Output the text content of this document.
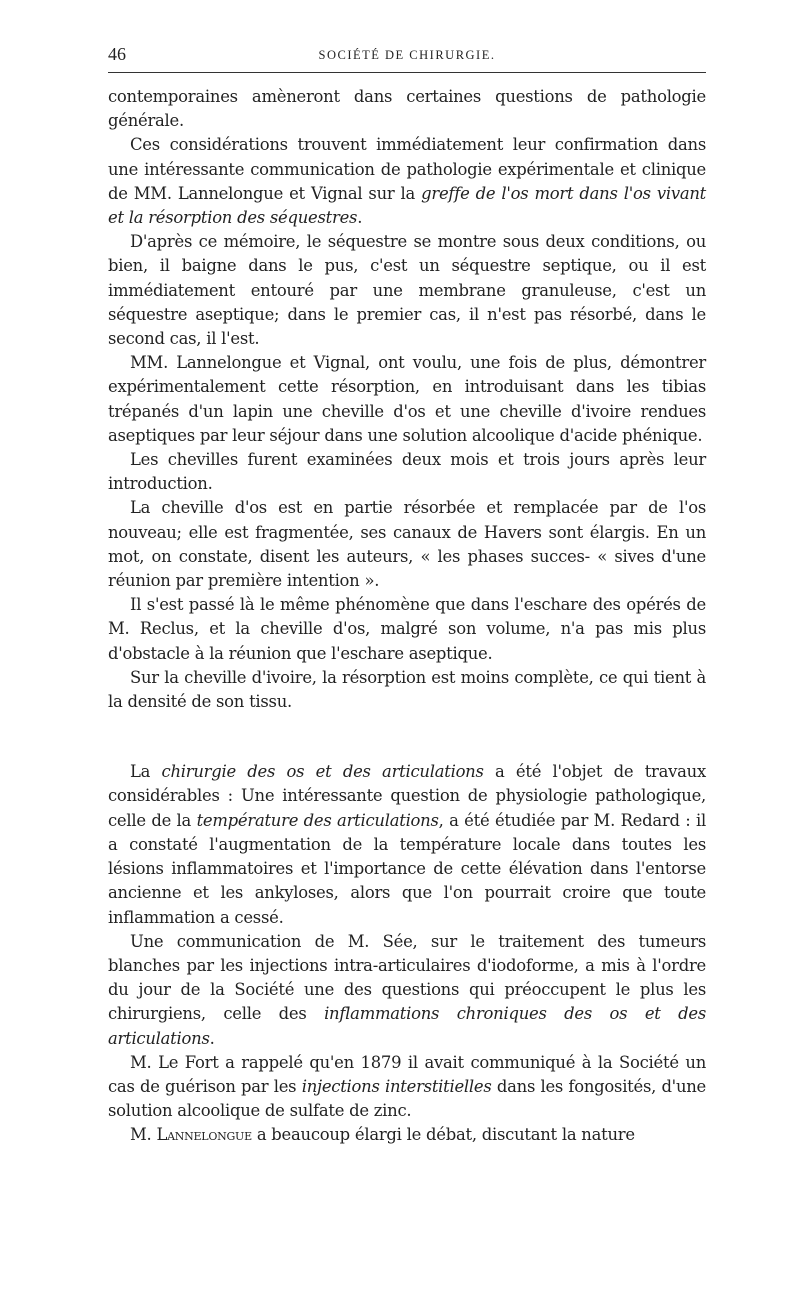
46	SOCIÉTÉ DE CHIRURGIE.

contemporaines amèneront dans certaines questions de pathologie générale.

Ces considérations trouvent immédiatement leur confirmation dans une intéressante communication de pathologie expérimentale et clinique de MM. Lannelongue et Vignal sur la greffe de l'os mort dans l'os vivant et la résorption des séquestres.

D'après ce mémoire, le séquestre se montre sous deux conditions, ou bien, il baigne dans le pus, c'est un séquestre septique, ou il est immédiatement entouré par une membrane granuleuse, c'est un séquestre aseptique; dans le premier cas, il n'est pas résorbé, dans le second cas, il l'est.

MM. Lannelongue et Vignal, ont voulu, une fois de plus, démontrer expérimentalement cette résorption, en introduisant dans les tibias trépanés d'un lapin une cheville d'os et une cheville d'ivoire rendues aseptiques par leur séjour dans une solution alcoolique d'acide phénique.

Les chevilles furent examinées deux mois et trois jours après leur introduction.

La cheville d'os est en partie résorbée et remplacée par de l'os nouveau; elle est fragmentée, ses canaux de Havers sont élargis. En un mot, on constate, disent les auteurs, « les phases succes- « sives d'une réunion par première intention ».

Il s'est passé là le même phénomène que dans l'eschare des opérés de M. Reclus, et la cheville d'os, malgré son volume, n'a pas mis plus d'obstacle à la réunion que l'eschare aseptique.

Sur la cheville d'ivoire, la résorption est moins complète, ce qui tient à la densité de son tissu.

La chirurgie des os et des articulations a été l'objet de travaux considérables : Une intéressante question de physiologie pathologique, celle de la température des articulations, a été étudiée par M. Redard : il a constaté l'augmentation de la température locale dans toutes les lésions inflammatoires et l'importance de cette élévation dans l'entorse ancienne et les ankyloses, alors que l'on pourrait croire que toute inflammation a cessé.

Une communication de M. Sée, sur le traitement des tumeurs blanches par les injections intra-articulaires d'iodoforme, a mis à l'ordre du jour de la Société une des questions qui préoccupent le plus les chirurgiens, celle des inflammations chroniques des os et des articulations.

M. Le Fort a rappelé qu'en 1879 il avait communiqué à la Société un cas de guérison par les injections interstitielles dans les fongosités, d'une solution alcoolique de sulfate de zinc.

M. Lannelongue a beaucoup élargi le débat, discutant la nature
